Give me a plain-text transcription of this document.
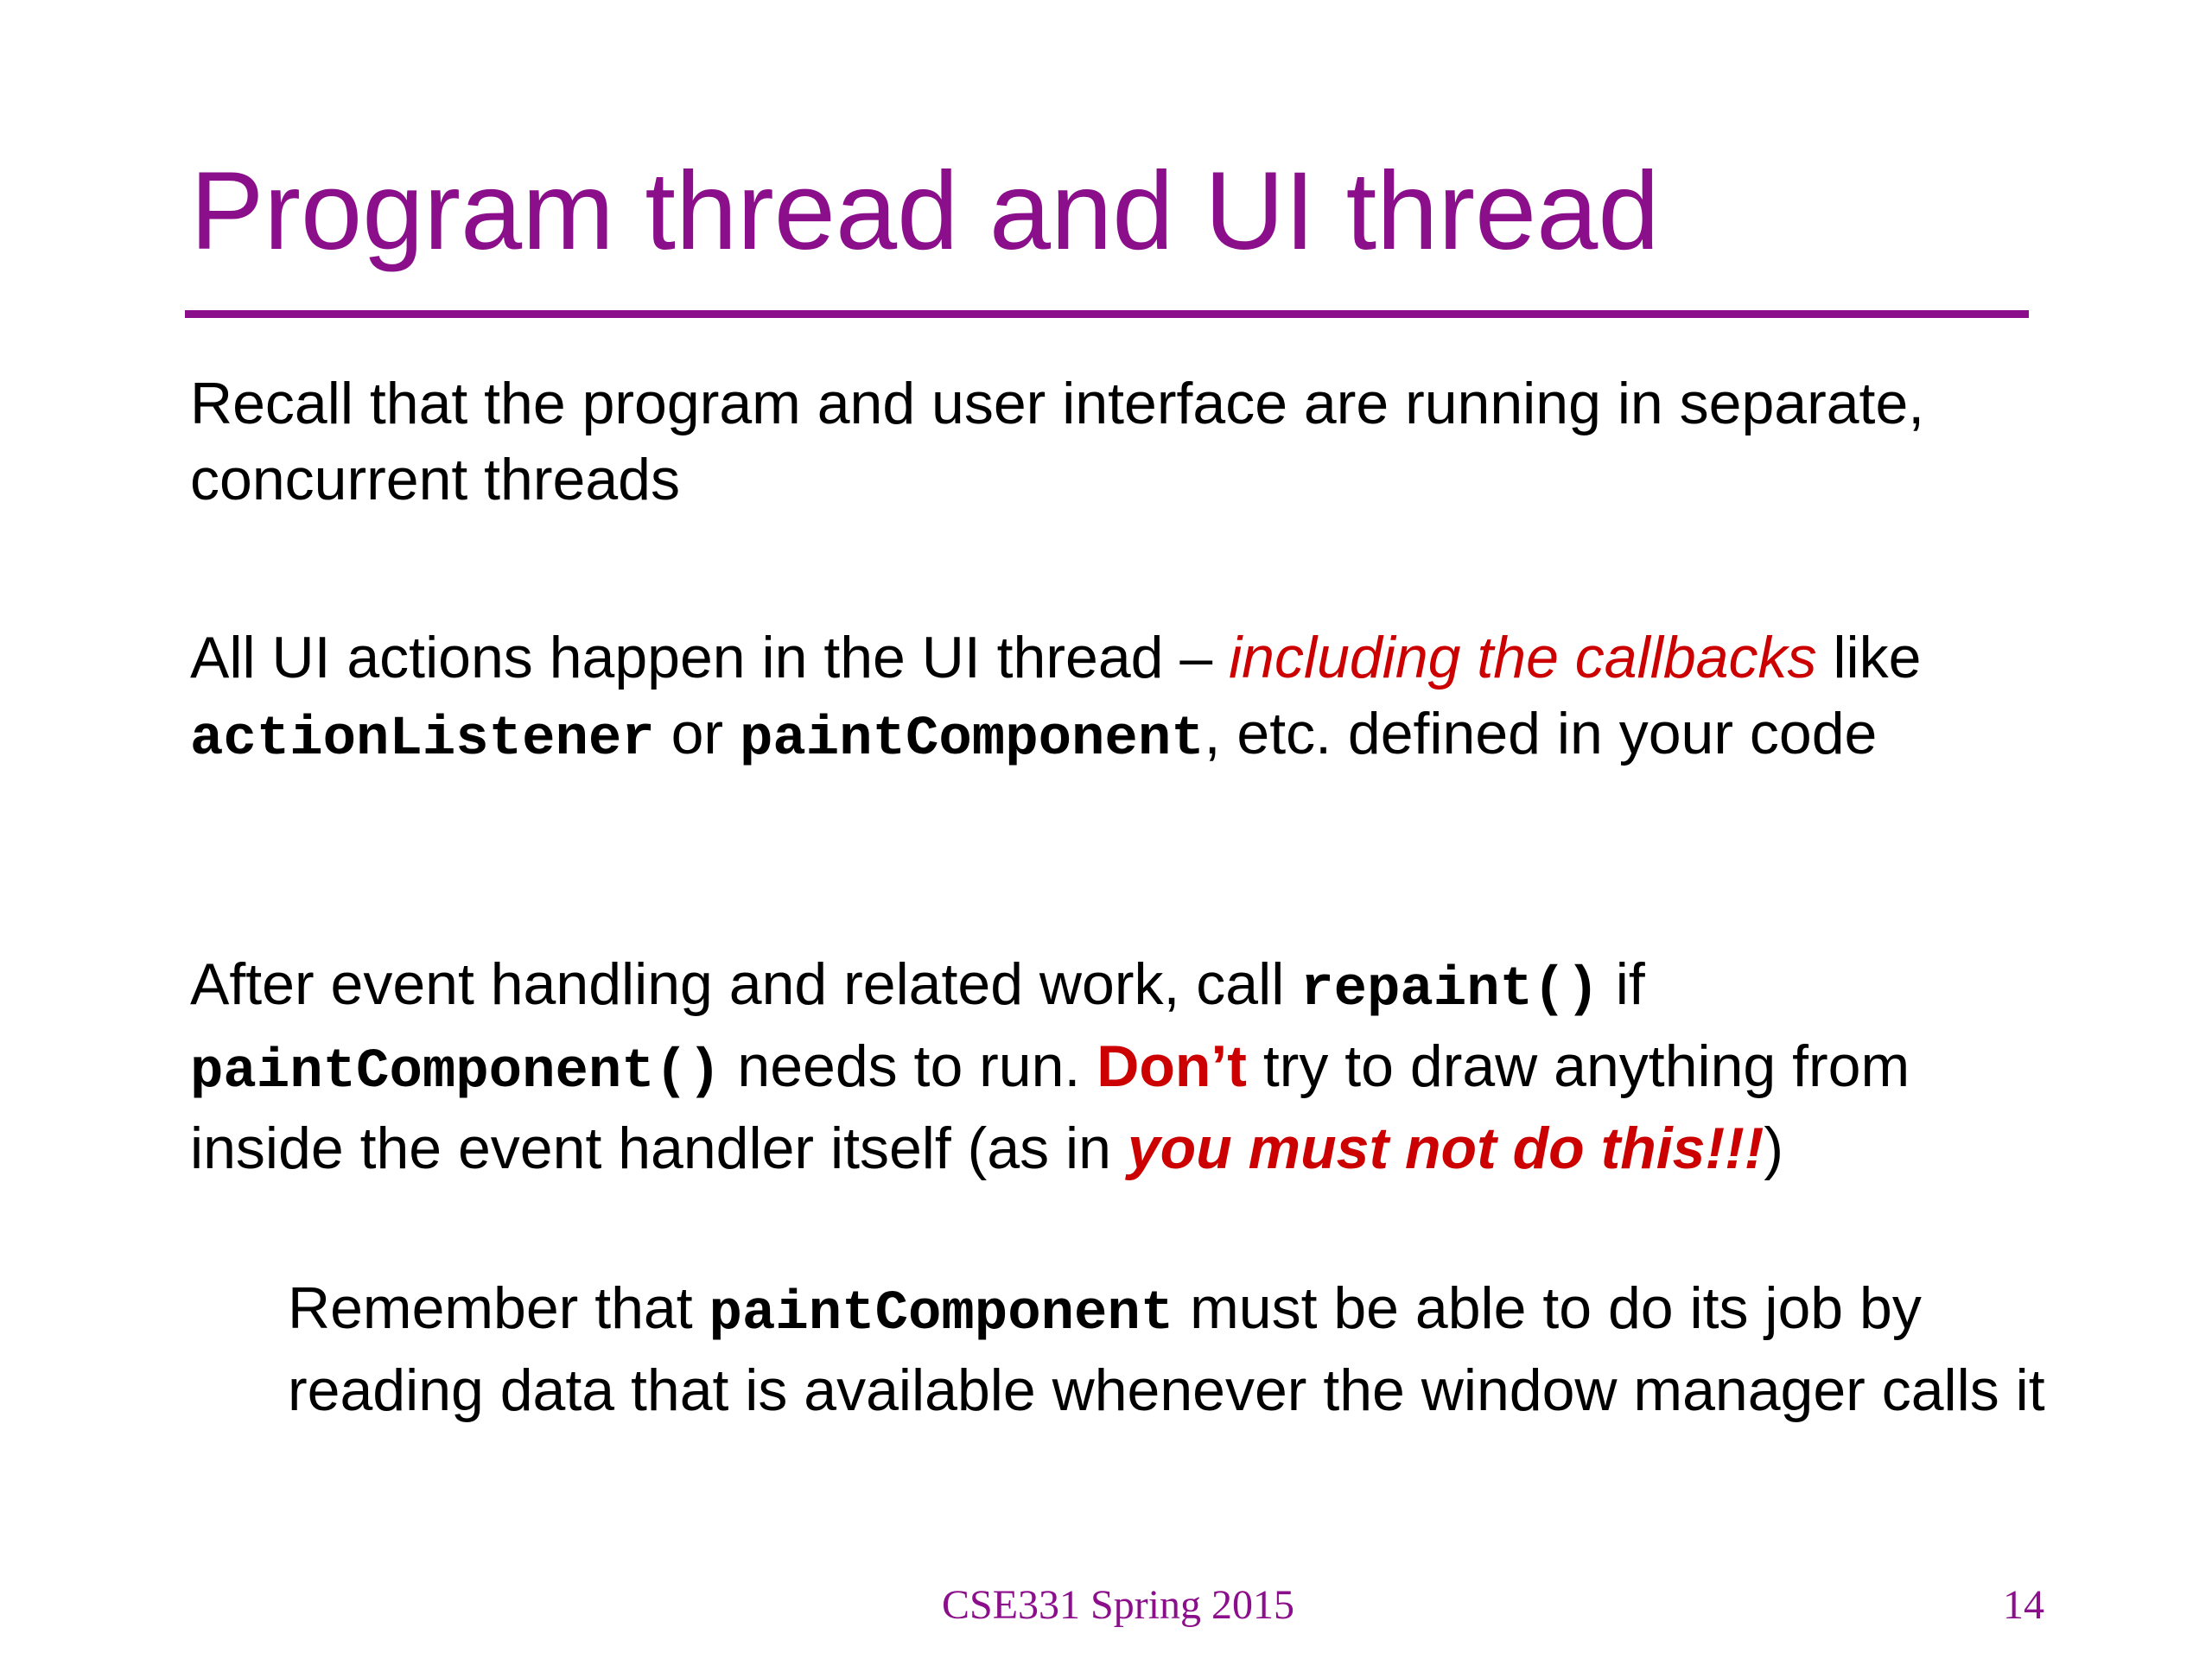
Program thread and UI thread

Recall that the program and user interface are running in separate, concurrent threads

All UI actions happen in the UI thread – including the callbacks like
actionListener or paintComponent, etc. defined in your code

After event handling and related work, call repaint() if
paintComponent() needs to run. Don’t try to draw anything from inside the event handler itself (as in you must not do this!!!)

Remember that paintComponent must be able to do its job by reading data that is available whenever the window manager calls it

CSE331 Spring 2015	14
